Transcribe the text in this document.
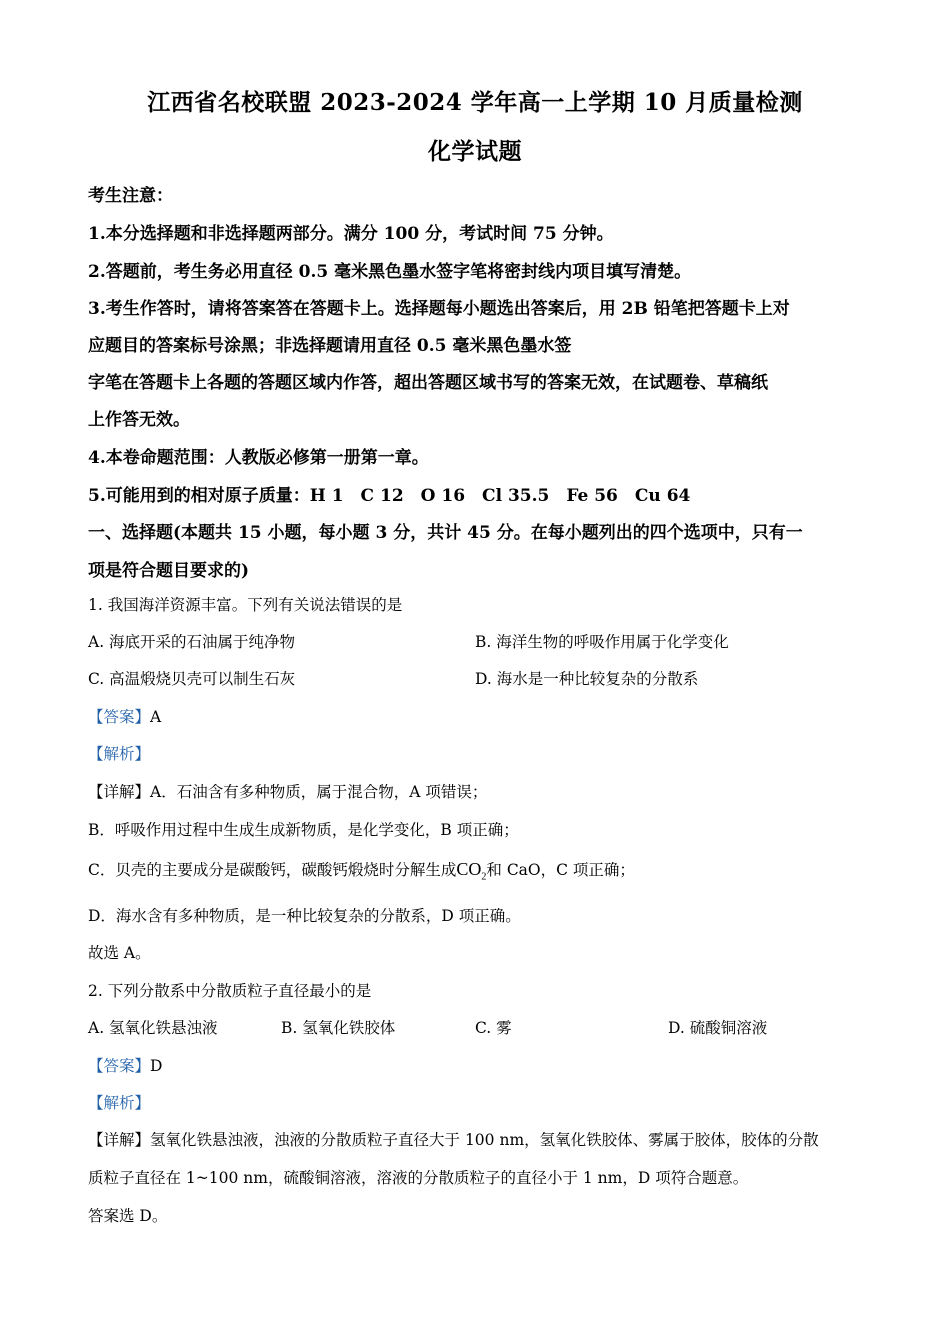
江西省名校联盟 2023-2024 学年高一上学期 10 月质量检测
化学试题
考生注意：
1.本分选择题和非选择题两部分。满分 100 分，考试时间 75 分钟。
2.答题前，考生务必用直径 0.5 毫米黑色墨水签字笔将密封线内项目填写清楚。
3.考生作答时，请将答案答在答题卡上。选择题每小题选出答案后，用 2B 铅笔把答题卡上对
应题目的答案标号涂黑；非选择题请用直径 0.5 毫米黑色墨水签
字笔在答题卡上各题的答题区域内作答，超出答题区域书写的答案无效，在试题卷、草稿纸
上作答无效。
4.本卷命题范围：人教版必修第一册第一章。
5.可能用到的相对原子质量：H 1　C 12　O 16　Cl 35.5　Fe 56　Cu 64
一、选择题(本题共 15 小题，每小题 3 分，共计 45 分。在每小题列出的四个选项中，只有一
项是符合题目要求的)
1. 我国海洋资源丰富。下列有关说法错误的是
A. 海底开采的石油属于纯净物	B. 海洋生物的呼吸作用属于化学变化
C. 高温煅烧贝壳可以制生石灰	D. 海水是一种比较复杂的分散系
【答案】A
【解析】
【详解】A．石油含有多种物质，属于混合物，A 项错误；
B．呼吸作用过程中生成生成新物质，是化学变化，B 项正确；
C．贝壳的主要成分是碳酸钙，碳酸钙煅烧时分解生成$CO_2$和 CaO，C 项正确；
D．海水含有多种物质，是一种比较复杂的分散系，D 项正确。
故选 A。
2. 下列分散系中分散质粒子直径最小的是
A. 氢氧化铁悬浊液	B. 氢氧化铁胶体	C. 雾	D. 硫酸铜溶液
【答案】D
【解析】
【详解】氢氧化铁悬浊液，浊液的分散质粒子直径大于 100 nm，氢氧化铁胶体、雾属于胶体，胶体的分散
质粒子直径在 1~100 nm，硫酸铜溶液，溶液的分散质粒子的直径小于 1 nm，D 项符合题意。
答案选 D。
